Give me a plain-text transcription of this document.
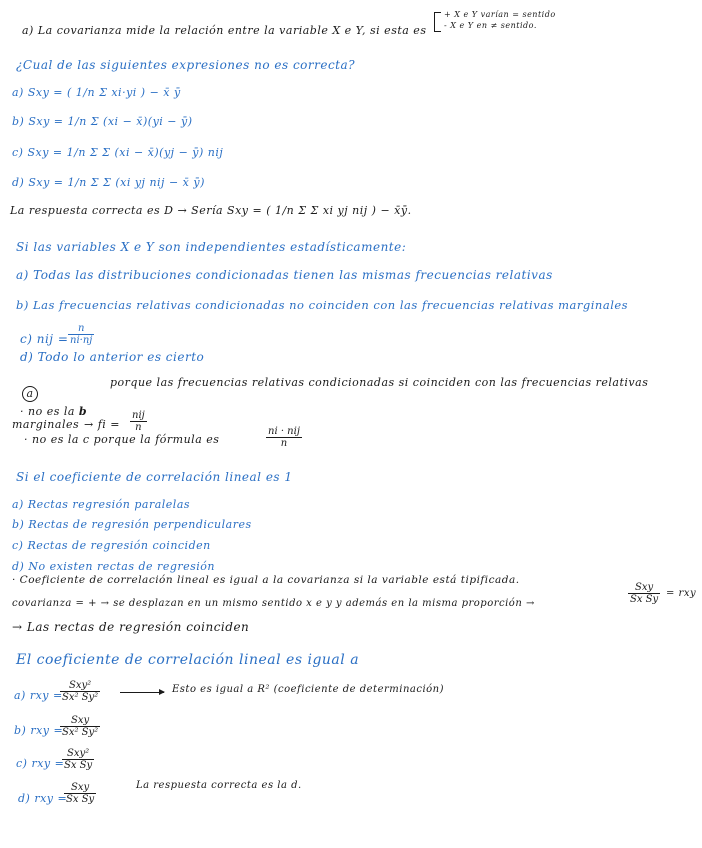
a) La covarianza mide la relación entre la variable X e Y, si esta es
+ X e Y varían = sentido
- X e Y en ≠ sentido.
¿Cual de las siguientes expresiones no es correcta?
a) Sxy = ( 1/n Σ xi·yi ) − x̄ ȳ
b) Sxy = 1/n Σ (xi − x̄)(yi − ȳ)
c) Sxy = 1/n Σ Σ (xi − x̄)(yj − ȳ) nij
d) Sxy = 1/n Σ Σ (xi yj nij − x̄ ȳ)
La respuesta correcta es D → Sería Sxy = ( 1/n Σ Σ xi yj nij ) − x̄ȳ.
Si las variables X e Y son independientes estadísticamente:
a) Todas las distribuciones condicionadas tienen las mismas frecuencias relativas
b) Las frecuencias relativas condicionadas no coinciden con las frecuencias relativas marginales
c) nij = $\frac{n}{ni\cdot nj}$
d) Todo lo anterior es cierto
a
· no es la b
porque las frecuencias relativas condicionadas si coinciden con las frecuencias relativas
marginales → fi =
nij
n
· no es la c porque la fórmula es
ni · nij
n
Si el coeficiente de correlación lineal es 1
a) Rectas regresión paralelas
b) Rectas de regresión perpendiculares
c) Rectas de regresión coinciden
d) No existen rectas de regresión
· Coeficiente de correlación lineal es igual a la covarianza si la variable está tipificada.
Sxy
Sx Sy
= rxy
covarianza = + → se desplazan en un mismo sentido x e y y además en la misma proporción →
→ Las rectas de regresión coinciden
El coeficiente de correlación lineal es igual a
a) rxy =
Sxy²
Sx² Sy²
Esto es igual a R² (coeficiente de determinación)
b) rxy =
Sxy
Sx² Sy²
c) rxy =
Sxy²
Sx Sy
d) rxy =
Sxy
Sx Sy
La respuesta correcta es la d.
